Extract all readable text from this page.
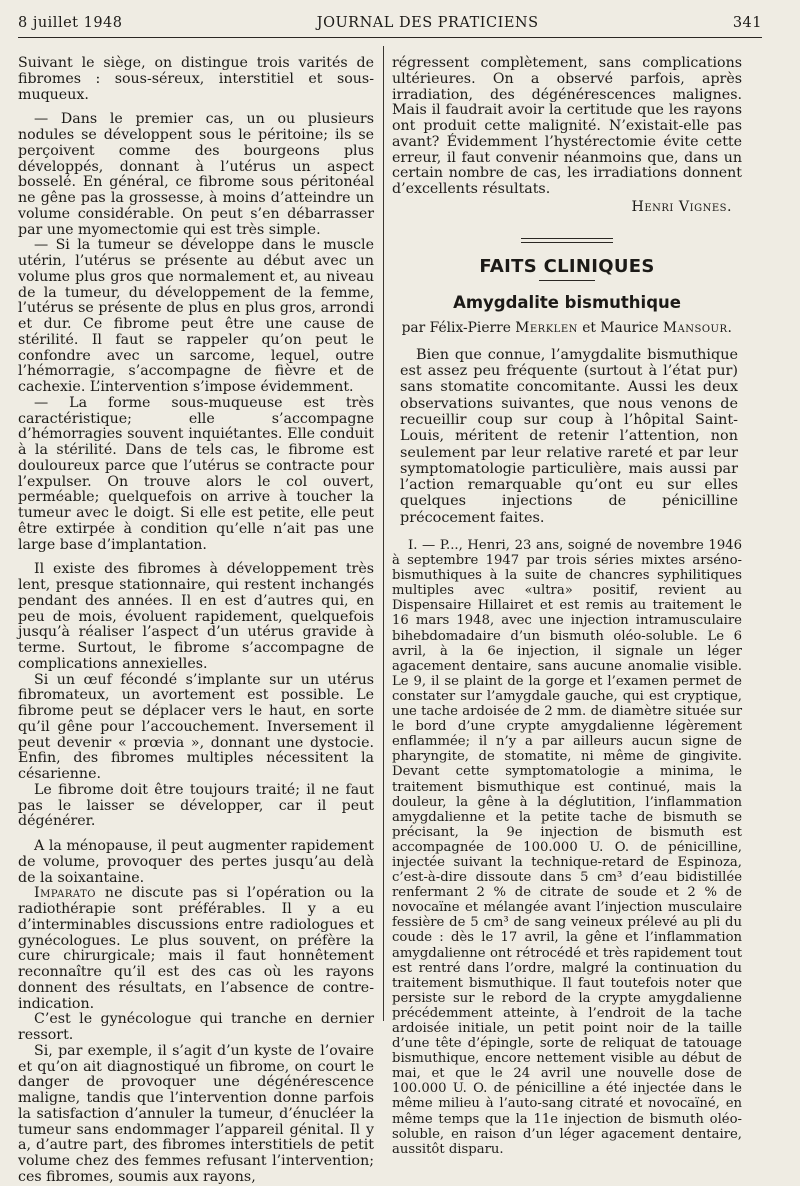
8 juillet 1948	JOURNAL DES PRATICIENS	341

Suivant le siège, on distingue trois varités de fibromes : sous-séreux, interstitiel et sous-muqueux.

— Dans le premier cas, un ou plusieurs nodules se développent sous le péritoine; ils se perçoivent comme des bourgeons plus développés, donnant à l’utérus un aspect bosselé. En général, ce fibrome sous péritonéal ne gêne pas la grossesse, à moins d’atteindre un volume considérable. On peut s’en débarrasser par une myomectomie qui est très simple.

— Si la tumeur se développe dans le muscle utérin, l’utérus se présente au début avec un volume plus gros que normalement et, au niveau de la tumeur, du développement de la femme, l’utérus se présente de plus en plus gros, arrondi et dur. Ce fibrome peut être une cause de stérilité. Il faut se rappeler qu’on peut le confondre avec un sarcome, lequel, outre l’hémorragie, s’accompagne de fièvre et de cachexie. L’intervention s’impose évidemment.

— La forme sous-muqueuse est très caractéristique; elle s’accompagne d’hémorragies souvent inquiétantes. Elle conduit à la stérilité. Dans de tels cas, le fibrome est douloureux parce que l’utérus se contracte pour l’expulser. On trouve alors le col ouvert, perméable; quelquefois on arrive à toucher la tumeur avec le doigt. Si elle est petite, elle peut être extirpée à condition qu’elle n’ait pas une large base d’implantation.

Il existe des fibromes à développement très lent, presque stationnaire, qui restent inchangés pendant des années. Il en est d’autres qui, en peu de mois, évoluent rapidement, quelquefois jusqu’à réaliser l’aspect d’un utérus gravide à terme. Surtout, le fibrome s’accompagne de complications annexielles.

Si un œuf fécondé s’implante sur un utérus fibromateux, un avortement est possible. Le fibrome peut se déplacer vers le haut, en sorte qu’il gêne pour l’accouchement. Inversement il peut devenir « prœvia », donnant une dystocie. Enfin, des fibromes multiples nécessitent la césarienne.

Le fibrome doit être toujours traité; il ne faut pas le laisser se développer, car il peut dégénérer.

A la ménopause, il peut augmenter rapidement de volume, provoquer des pertes jusqu’au delà de la soixantaine.

Imparato ne discute pas si l’opération ou la radiothérapie sont préférables. Il y a eu d’interminables discussions entre radiologues et gynécologues. Le plus souvent, on préfère la cure chirurgicale; mais il faut honnêtement reconnaître qu’il est des cas où les rayons donnent des résultats, en l’absence de contre-indication.

C’est le gynécologue qui tranche en dernier ressort.

Si, par exemple, il s’agit d’un kyste de l’ovaire et qu’on ait diagnostiqué un fibrome, on court le danger de provoquer une dégénérescence maligne, tandis que l’intervention donne parfois la satisfaction d’annuler la tumeur, d’énucléer la tumeur sans endommager l’appareil génital. Il y a, d’autre part, des fibromes interstitiels de petit volume chez des femmes refusant l’intervention; ces fibromes, soumis aux rayons,

régressent complètement, sans complications ultérieures. On a observé parfois, après irradiation, des dégénérescences malignes. Mais il faudrait avoir la certitude que les rayons ont produit cette malignité. N’existait-elle pas avant? Évidemment l’hystérectomie évite cette erreur, il faut convenir néanmoins que, dans un certain nombre de cas, les irradiations donnent d’excellents résultats.

Henri Vignes.

FAITS CLINIQUES
Amygdalite bismuthique
par Félix-Pierre Merklen et Maurice Mansour.

Bien que connue, l’amygdalite bismuthique est assez peu fréquente (surtout à l’état pur) sans stomatite concomitante. Aussi les deux observations suivantes, que nous venons de recueillir coup sur coup à l’hôpital Saint-Louis, méritent de retenir l’attention, non seulement par leur relative rareté et par leur symptomatologie particulière, mais aussi par l’action remarquable qu’ont eu sur elles quelques injections de pénicilline précocement faites.

I. — P..., Henri, 23 ans, soigné de novembre 1946 à septembre 1947 par trois séries mixtes arséno-bismuthiques à la suite de chancres syphilitiques multiples avec «ultra» positif, revient au Dispensaire Hillairet et est remis au traitement le 16 mars 1948, avec une injection intramusculaire bihebdomadaire d’un bismuth oléo-soluble. Le 6 avril, à la 6e injection, il signale un léger agacement dentaire, sans aucune anomalie visible. Le 9, il se plaint de la gorge et l’examen permet de constater sur l’amygdale gauche, qui est cryptique, une tache ardoisée de 2 mm. de diamètre située sur le bord d’une crypte amygdalienne légèrement enflammée; il n’y a par ailleurs aucun signe de pharyngite, de stomatite, ni même de gingivite. Devant cette symptomatologie a minima, le traitement bismuthique est continué, mais la douleur, la gêne à la déglutition, l’inflammation amygdalienne et la petite tache de bismuth se précisant, la 9e injection de bismuth est accompagnée de 100.000 U. O. de pénicilline, injectée suivant la technique-retard de Espinoza, c’est-à-dire dissoute dans 5 cm³ d’eau bidistillée renfermant 2 % de citrate de soude et 2 % de novocaïne et mélangée avant l’injection musculaire fessière de 5 cm³ de sang veineux prélevé au pli du coude : dès le 17 avril, la gêne et l’inflammation amygdalienne ont rétrocédé et très rapidement tout est rentré dans l’ordre, malgré la continuation du traitement bismuthique. Il faut toutefois noter que persiste sur le rebord de la crypte amygdalienne précédemment atteinte, à l’endroit de la tache ardoisée initiale, un petit point noir de la taille d’une tête d’épingle, sorte de reliquat de tatouage bismuthique, encore nettement visible au début de mai, et que le 24 avril une nouvelle dose de 100.000 U. O. de pénicilline a été injectée dans le même milieu à l’auto-sang citraté et novocaïné, en même temps que la 11e injection de bismuth oléo-soluble, en raison d’un léger agacement dentaire, aussitôt disparu.
